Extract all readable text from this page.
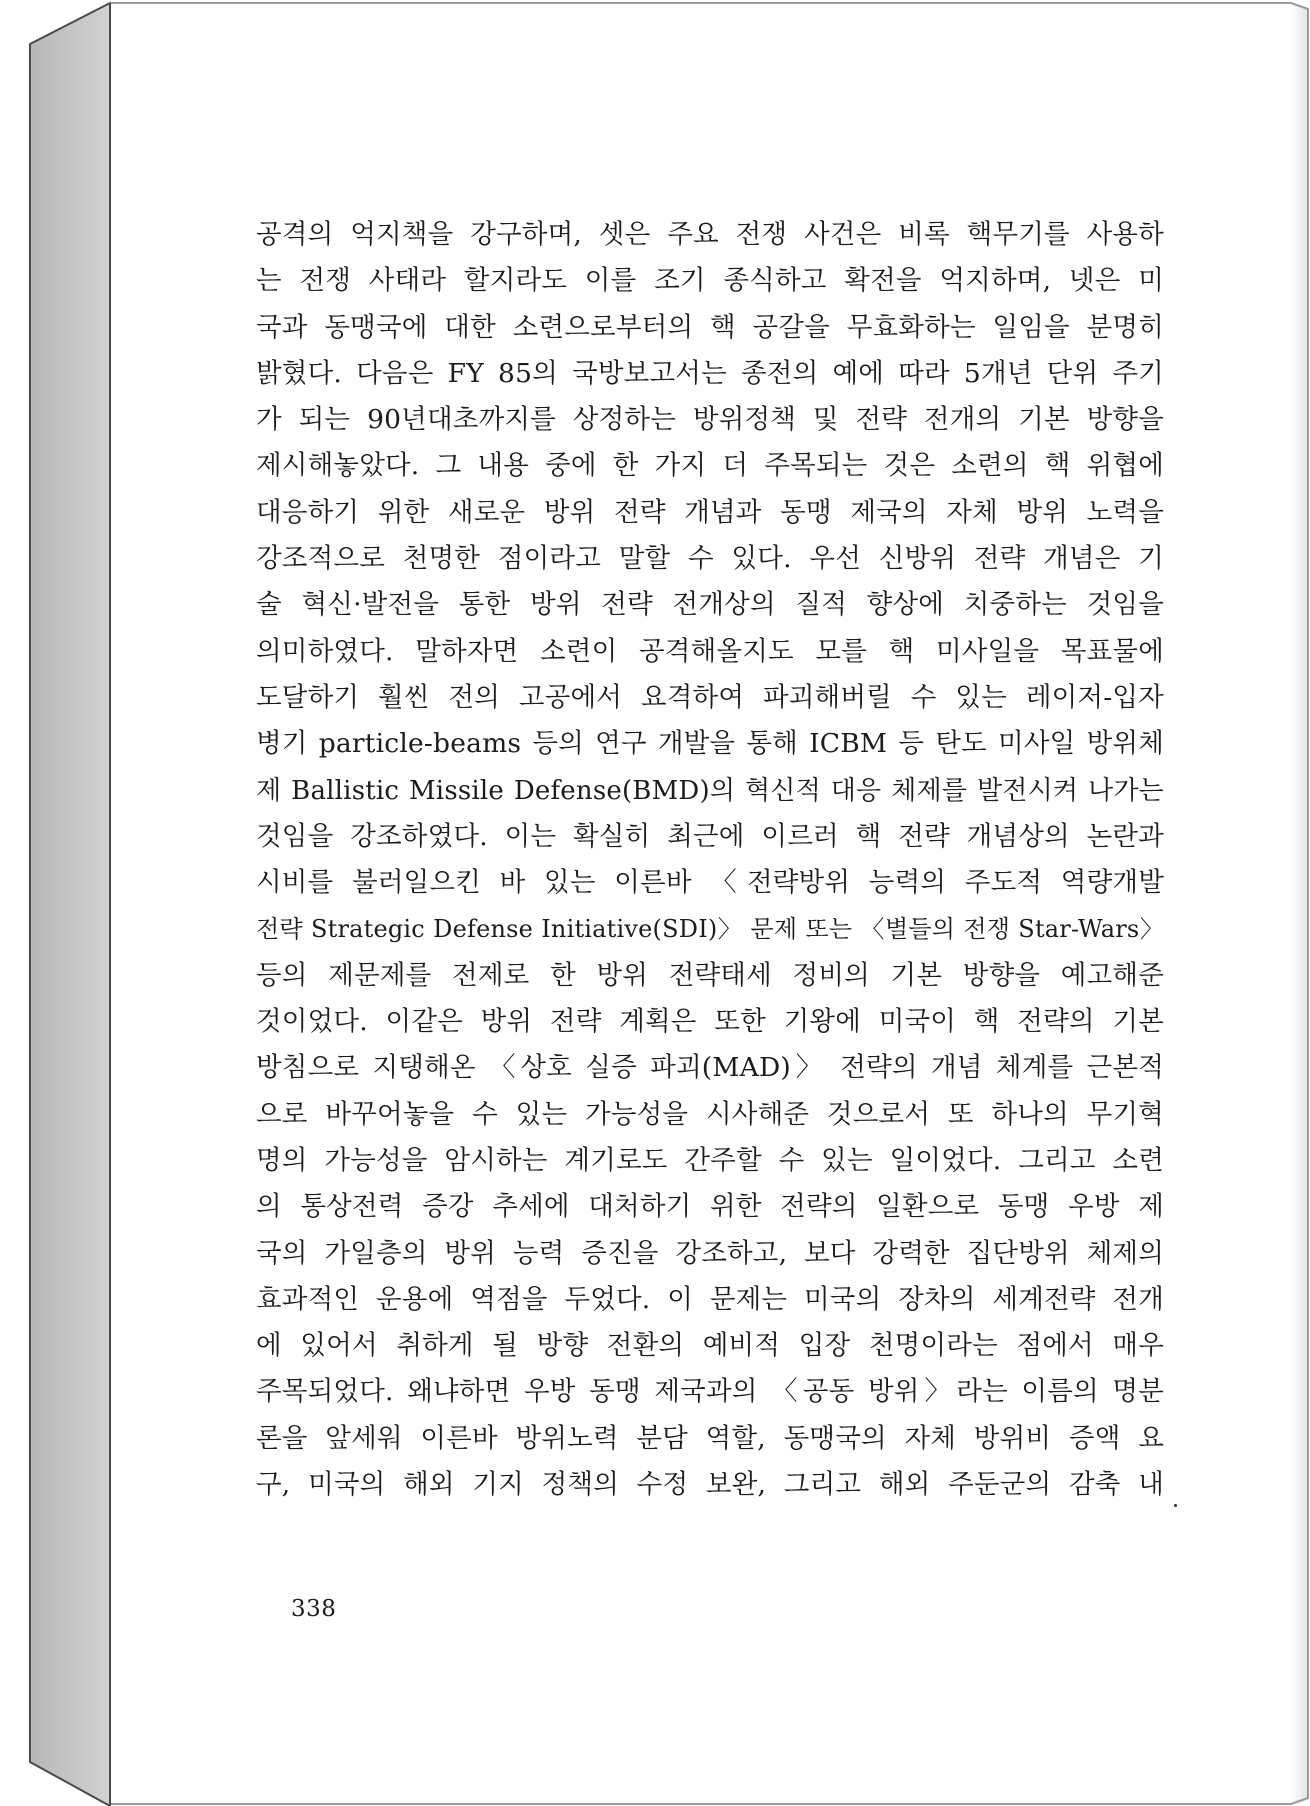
공격의 억지책을 강구하며, 셋은 주요 전쟁 사건은 비록 핵무기를 사용하
는 전쟁 사태라 할지라도 이를 조기 종식하고 확전을 억지하며, 넷은 미
국과 동맹국에 대한 소련으로부터의 핵 공갈을 무효화하는 일임을 분명히
밝혔다. 다음은 FY 85의 국방보고서는 종전의 예에 따라 5개년 단위 주기
가 되는 90년대초까지를 상정하는 방위정책 및 전략 전개의 기본 방향을
제시해놓았다. 그 내용 중에 한 가지 더 주목되는 것은 소련의 핵 위협에
대응하기 위한 새로운 방위 전략 개념과 동맹 제국의 자체 방위 노력을
강조적으로 천명한 점이라고 말할 수 있다. 우선 신방위 전략 개념은 기
술 혁신·발전을 통한 방위 전략 전개상의 질적 향상에 치중하는 것임을
의미하였다. 말하자면 소련이 공격해올지도 모를 핵 미사일을 목표물에
도달하기 훨씬 전의 고공에서 요격하여 파괴해버릴 수 있는 레이저-입자
병기 particle-beams 등의 연구 개발을 통해 ICBM 등 탄도 미사일 방위체
제 Ballistic Missile Defense(BMD)의 혁신적 대응 체제를 발전시켜 나가는
것임을 강조하였다. 이는 확실히 최근에 이르러 핵 전략 개념상의 논란과
시비를 불러일으킨 바 있는 이른바 〈전략방위 능력의 주도적 역량개발
전략 Strategic Defense Initiative(SDI)〉 문제 또는 〈별들의 전쟁 Star-Wars〉
등의 제문제를 전제로 한 방위 전략태세 정비의 기본 방향을 예고해준
것이었다. 이같은 방위 전략 계획은 또한 기왕에 미국이 핵 전략의 기본
방침으로 지탱해온 〈상호 실증 파괴(MAD)〉 전략의 개념 체계를 근본적
으로 바꾸어놓을 수 있는 가능성을 시사해준 것으로서 또 하나의 무기혁
명의 가능성을 암시하는 계기로도 간주할 수 있는 일이었다. 그리고 소련
의 통상전력 증강 추세에 대처하기 위한 전략의 일환으로 동맹 우방 제
국의 가일층의 방위 능력 증진을 강조하고, 보다 강력한 집단방위 체제의
효과적인 운용에 역점을 두었다. 이 문제는 미국의 장차의 세계전략 전개
에 있어서 취하게 될 방향 전환의 예비적 입장 천명이라는 점에서 매우
주목되었다. 왜냐하면 우방 동맹 제국과의 〈공동 방위〉라는 이름의 명분
론을 앞세워 이른바 방위노력 분담 역할, 동맹국의 자체 방위비 증액 요
구, 미국의 해외 기지 정책의 수정 보완, 그리고 해외 주둔군의 감축 내
338
